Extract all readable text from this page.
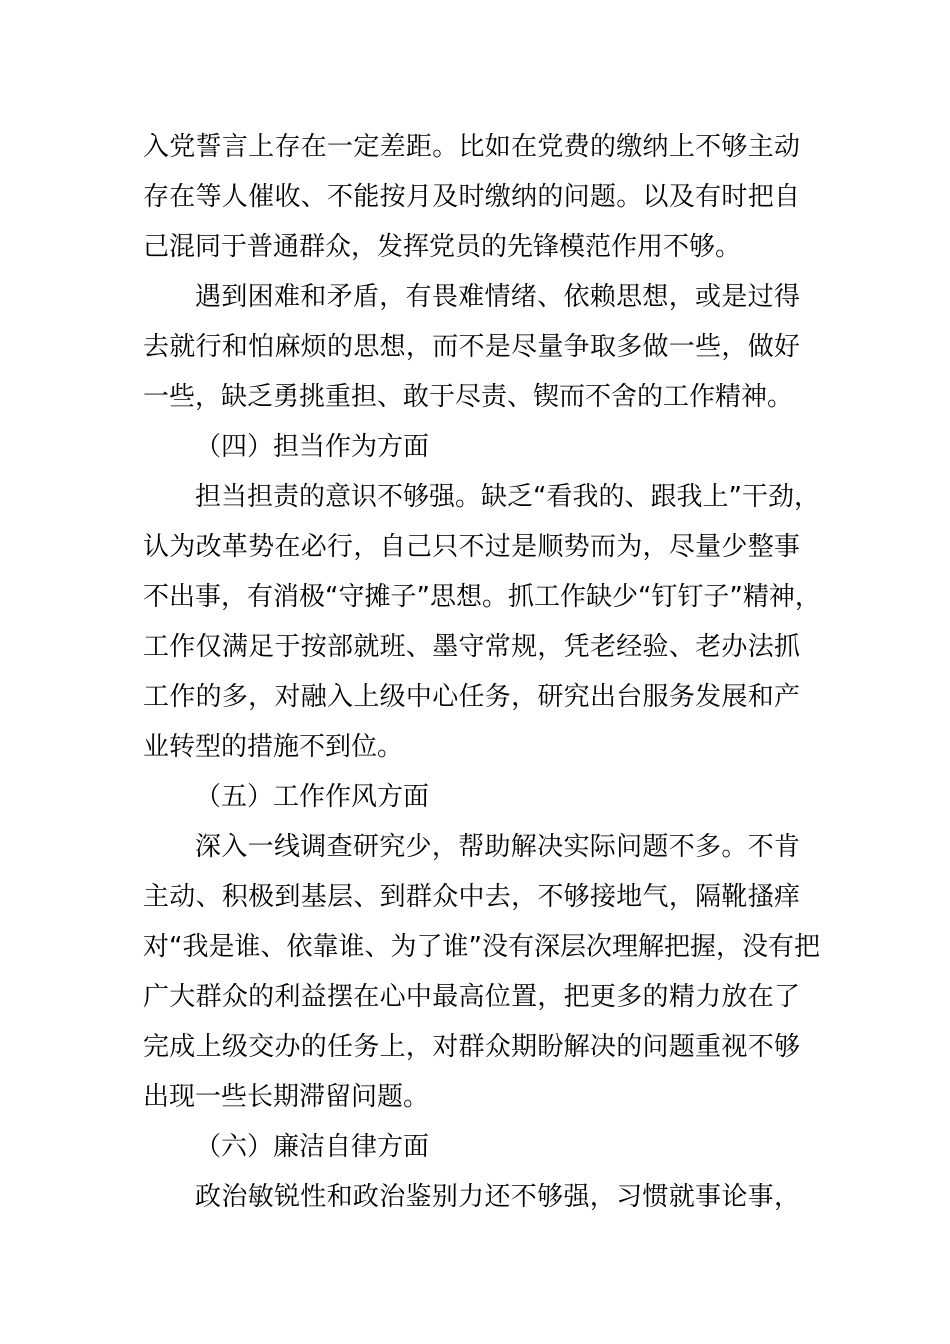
入党誓言上存在一定差距。比如在党费的缴纳上不够主动
存在等人催收、不能按月及时缴纳的问题。以及有时把自
己混同于普通群众，发挥党员的先锋模范作用不够。
遇到困难和矛盾，有畏难情绪、依赖思想，或是过得
去就行和怕麻烦的思想，而不是尽量争取多做一些，做好
一些，缺乏勇挑重担、敢于尽责、锲而不舍的工作精神。
（四）担当作为方面
担当担责的意识不够强。缺乏“看我的、跟我上”干劲，
认为改革势在必行，自己只不过是顺势而为，尽量少整事
不出事，有消极“守摊子”思想。抓工作缺少“钉钉子”精神，
工作仅满足于按部就班、墨守常规，凭老经验、老办法抓
工作的多，对融入上级中心任务，研究出台服务发展和产
业转型的措施不到位。
（五）工作作风方面
深入一线调查研究少，帮助解决实际问题不多。不肯
主动、积极到基层、到群众中去，不够接地气，隔靴搔痒
对“我是谁、依靠谁、为了谁”没有深层次理解把握，没有把
广大群众的利益摆在心中最高位置，把更多的精力放在了
完成上级交办的任务上，对群众期盼解决的问题重视不够
出现一些长期滞留问题。
（六）廉洁自律方面
政治敏锐性和政治鉴别力还不够强，习惯就事论事，
